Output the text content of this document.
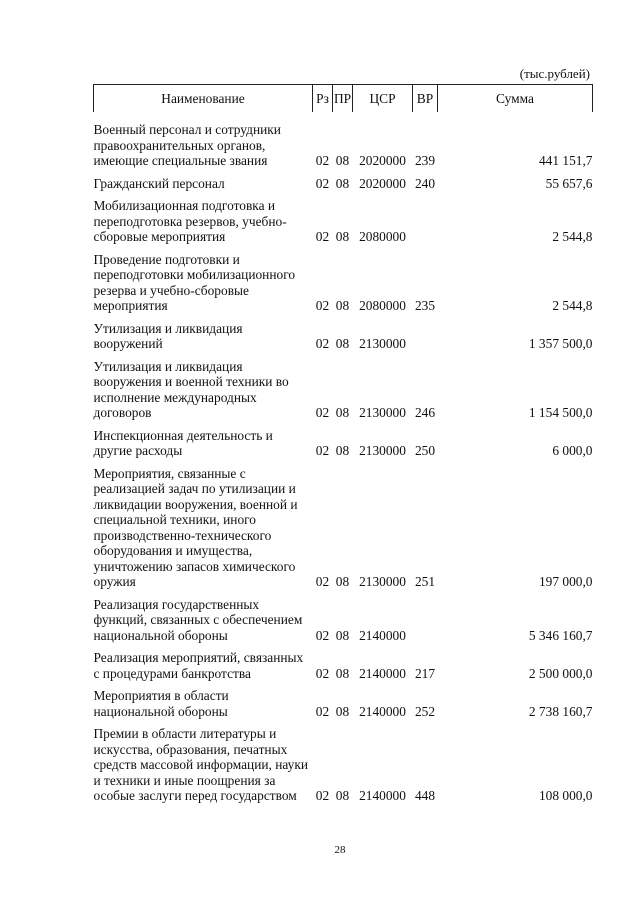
(тыс.рублей)
Наименование	Рз	ПР	ЦСР	ВР	Сумма
Военный персонал и сотрудники правоохранительных органов, имеющие специальные звания	02	08	2020000	239	441 151,7
Гражданский персонал	02	08	2020000	240	55 657,6
Мобилизационная подготовка и переподготовка резервов, учебно-сборовые мероприятия	02	08	2080000		2 544,8
Проведение подготовки и переподготовки мобилизационного резерва и учебно-сборовые мероприятия	02	08	2080000	235	2 544,8
Утилизация и ликвидация вооружений	02	08	2130000		1 357 500,0
Утилизация и ликвидация вооружения и военной техники во исполнение международных договоров	02	08	2130000	246	1 154 500,0
Инспекционная деятельность и другие расходы	02	08	2130000	250	6 000,0
Мероприятия, связанные с реализацией задач по утилизации и ликвидации вооружения, военной и специальной техники, иного производственно-технического оборудования и имущества, уничтожению запасов химического оружия	02	08	2130000	251	197 000,0
Реализация государственных функций, связанных с обеспечением национальной обороны	02	08	2140000		5 346 160,7
Реализация мероприятий, связанных с процедурами банкротства	02	08	2140000	217	2 500 000,0
Мероприятия в области национальной обороны	02	08	2140000	252	2 738 160,7
Премии в области литературы и искусства, образования, печатных средств массовой информации, науки и техники и иные поощрения за особые заслуги перед государством	02	08	2140000	448	108 000,0
28
